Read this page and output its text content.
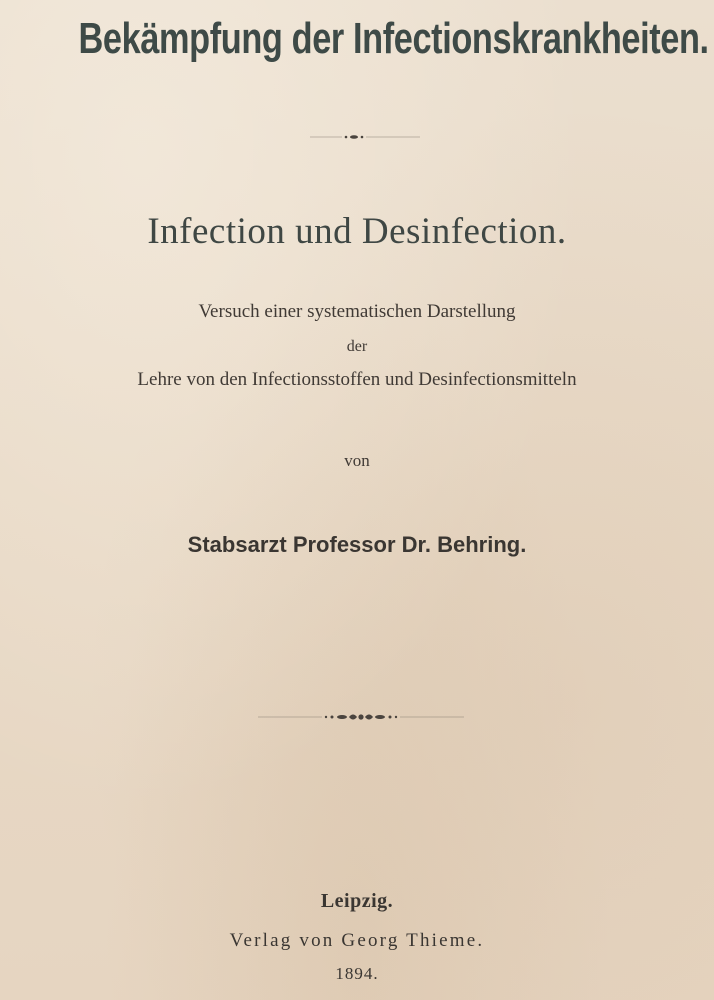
Bekämpfung der Infectionskrankheiten.
Infection und Desinfection.
Versuch einer systematischen Darstellung
der
Lehre von den Infectionsstoffen und Desinfectionsmitteln
von
Stabsarzt Professor Dr. Behring.
Leipzig.
Verlag von Georg Thieme.
1894.
